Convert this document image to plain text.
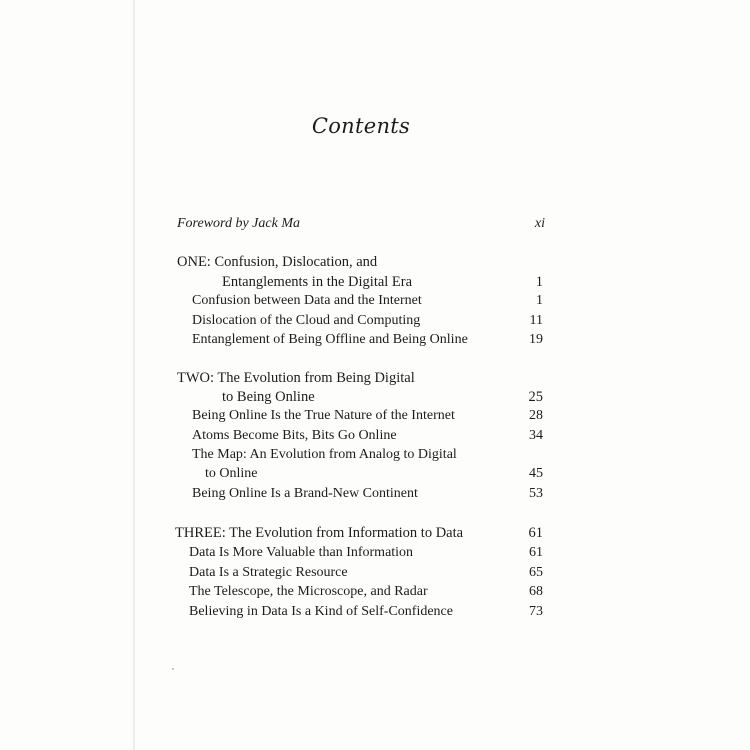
Contents
Foreword by Jack Ma	xi
ONE: Confusion, Dislocation, and
Entanglements in the Digital Era	1
Confusion between Data and the Internet	1
Dislocation of the Cloud and Computing	11
Entanglement of Being Offline and Being Online	19
TWO: The Evolution from Being Digital
to Being Online	25
Being Online Is the True Nature of the Internet	28
Atoms Become Bits, Bits Go Online	34
The Map: An Evolution from Analog to Digital
to Online	45
Being Online Is a Brand-New Continent	53
THREE: The Evolution from Information to Data	61
Data Is More Valuable than Information	61
Data Is a Strategic Resource	65
The Telescope, the Microscope, and Radar	68
Believing in Data Is a Kind of Self-Confidence	73
